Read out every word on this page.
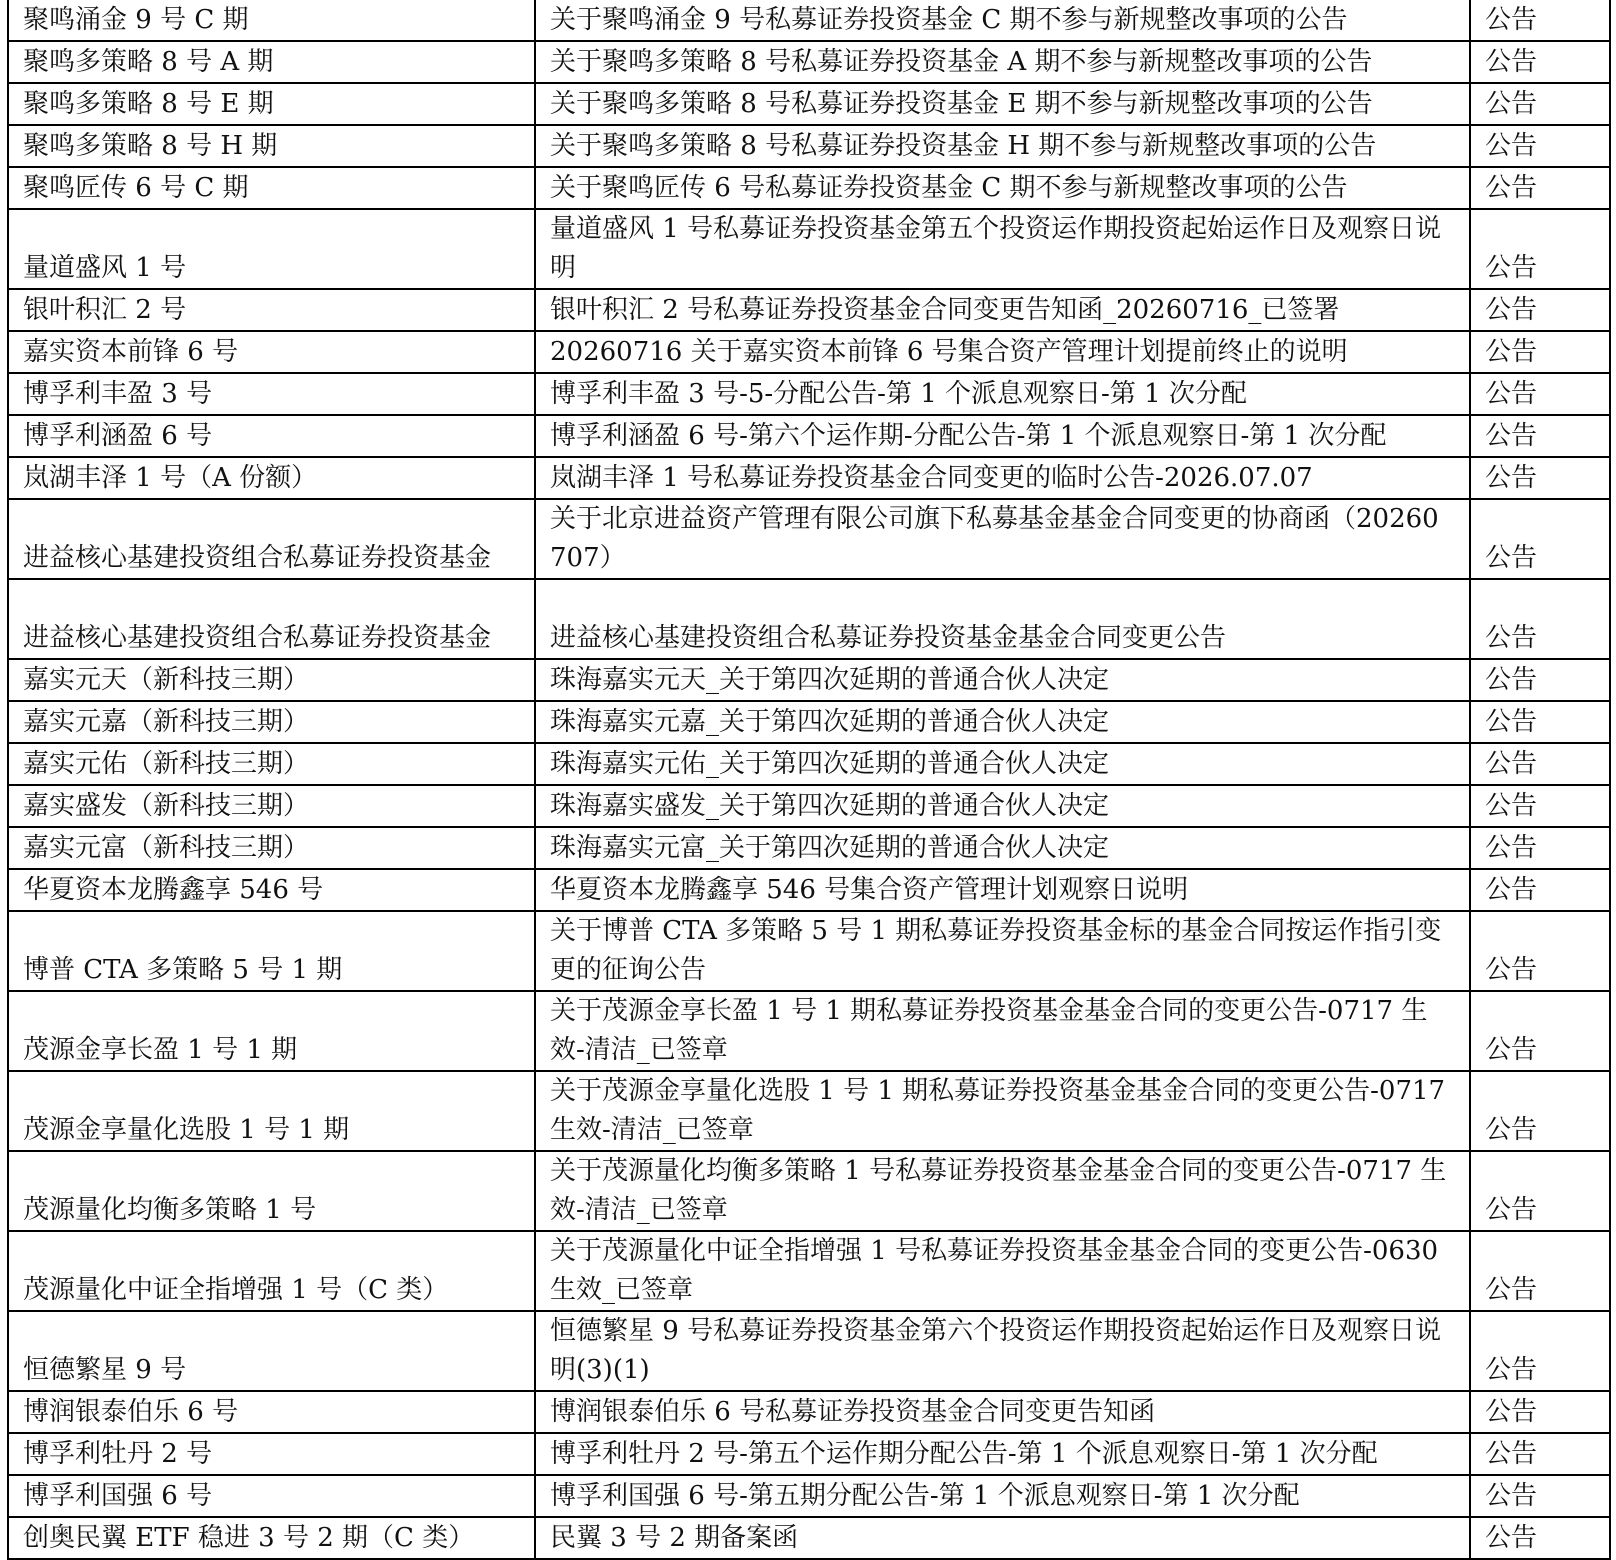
聚鸣涌金 9 号 C 期	关于聚鸣涌金 9 号私募证券投资基金 C 期不参与新规整改事项的公告	公告
聚鸣多策略 8 号 A 期	关于聚鸣多策略 8 号私募证券投资基金 A 期不参与新规整改事项的公告	公告
聚鸣多策略 8 号 E 期	关于聚鸣多策略 8 号私募证券投资基金 E 期不参与新规整改事项的公告	公告
聚鸣多策略 8 号 H 期	关于聚鸣多策略 8 号私募证券投资基金 H 期不参与新规整改事项的公告	公告
聚鸣匠传 6 号 C 期	关于聚鸣匠传 6 号私募证券投资基金 C 期不参与新规整改事项的公告	公告
量道盛风 1 号	量道盛风 1 号私募证券投资基金第五个投资运作期投资起始运作日及观察日说明	公告
银叶积汇 2 号	银叶积汇 2 号私募证券投资基金合同变更告知函_20260716_已签署	公告
嘉实资本前锋 6 号	20260716 关于嘉实资本前锋 6 号集合资产管理计划提前终止的说明	公告
博孚利丰盈 3 号	博孚利丰盈 3 号-5-分配公告-第 1 个派息观察日-第 1 次分配	公告
博孚利涵盈 6 号	博孚利涵盈 6 号-第六个运作期-分配公告-第 1 个派息观察日-第 1 次分配	公告
岚湖丰泽 1 号（A 份额）	岚湖丰泽 1 号私募证券投资基金合同变更的临时公告-2026.07.07	公告
进益核心基建投资组合私募证券投资基金	关于北京进益资产管理有限公司旗下私募基金基金合同变更的协商函（20260707）	公告
进益核心基建投资组合私募证券投资基金	进益核心基建投资组合私募证券投资基金基金合同变更公告	公告
嘉实元天（新科技三期）	珠海嘉实元天_关于第四次延期的普通合伙人决定	公告
嘉实元嘉（新科技三期）	珠海嘉实元嘉_关于第四次延期的普通合伙人决定	公告
嘉实元佑（新科技三期）	珠海嘉实元佑_关于第四次延期的普通合伙人决定	公告
嘉实盛发（新科技三期）	珠海嘉实盛发_关于第四次延期的普通合伙人决定	公告
嘉实元富（新科技三期）	珠海嘉实元富_关于第四次延期的普通合伙人决定	公告
华夏资本龙腾鑫享 546 号	华夏资本龙腾鑫享 546 号集合资产管理计划观察日说明	公告
博普 CTA 多策略 5 号 1 期	关于博普 CTA 多策略 5 号 1 期私募证券投资基金标的基金合同按运作指引变更的征询公告	公告
茂源金享长盈 1 号 1 期	关于茂源金享长盈 1 号 1 期私募证券投资基金基金合同的变更公告-0717 生效-清洁_已签章	公告
茂源金享量化选股 1 号 1 期	关于茂源金享量化选股 1 号 1 期私募证券投资基金基金合同的变更公告-0717 生效-清洁_已签章	公告
茂源量化均衡多策略 1 号	关于茂源量化均衡多策略 1 号私募证券投资基金基金合同的变更公告-0717 生效-清洁_已签章	公告
茂源量化中证全指增强 1 号（C 类）	关于茂源量化中证全指增强 1 号私募证券投资基金基金合同的变更公告-0630 生效_已签章	公告
恒德繁星 9 号	恒德繁星 9 号私募证券投资基金第六个投资运作期投资起始运作日及观察日说明(3)(1)	公告
博润银泰伯乐 6 号	博润银泰伯乐 6 号私募证券投资基金合同变更告知函	公告
博孚利牡丹 2 号	博孚利牡丹 2 号-第五个运作期分配公告-第 1 个派息观察日-第 1 次分配	公告
博孚利国强 6 号	博孚利国强 6 号-第五期分配公告-第 1 个派息观察日-第 1 次分配	公告
创奥民翼 ETF 稳进 3 号 2 期（C 类）	民翼 3 号 2 期备案函	公告
